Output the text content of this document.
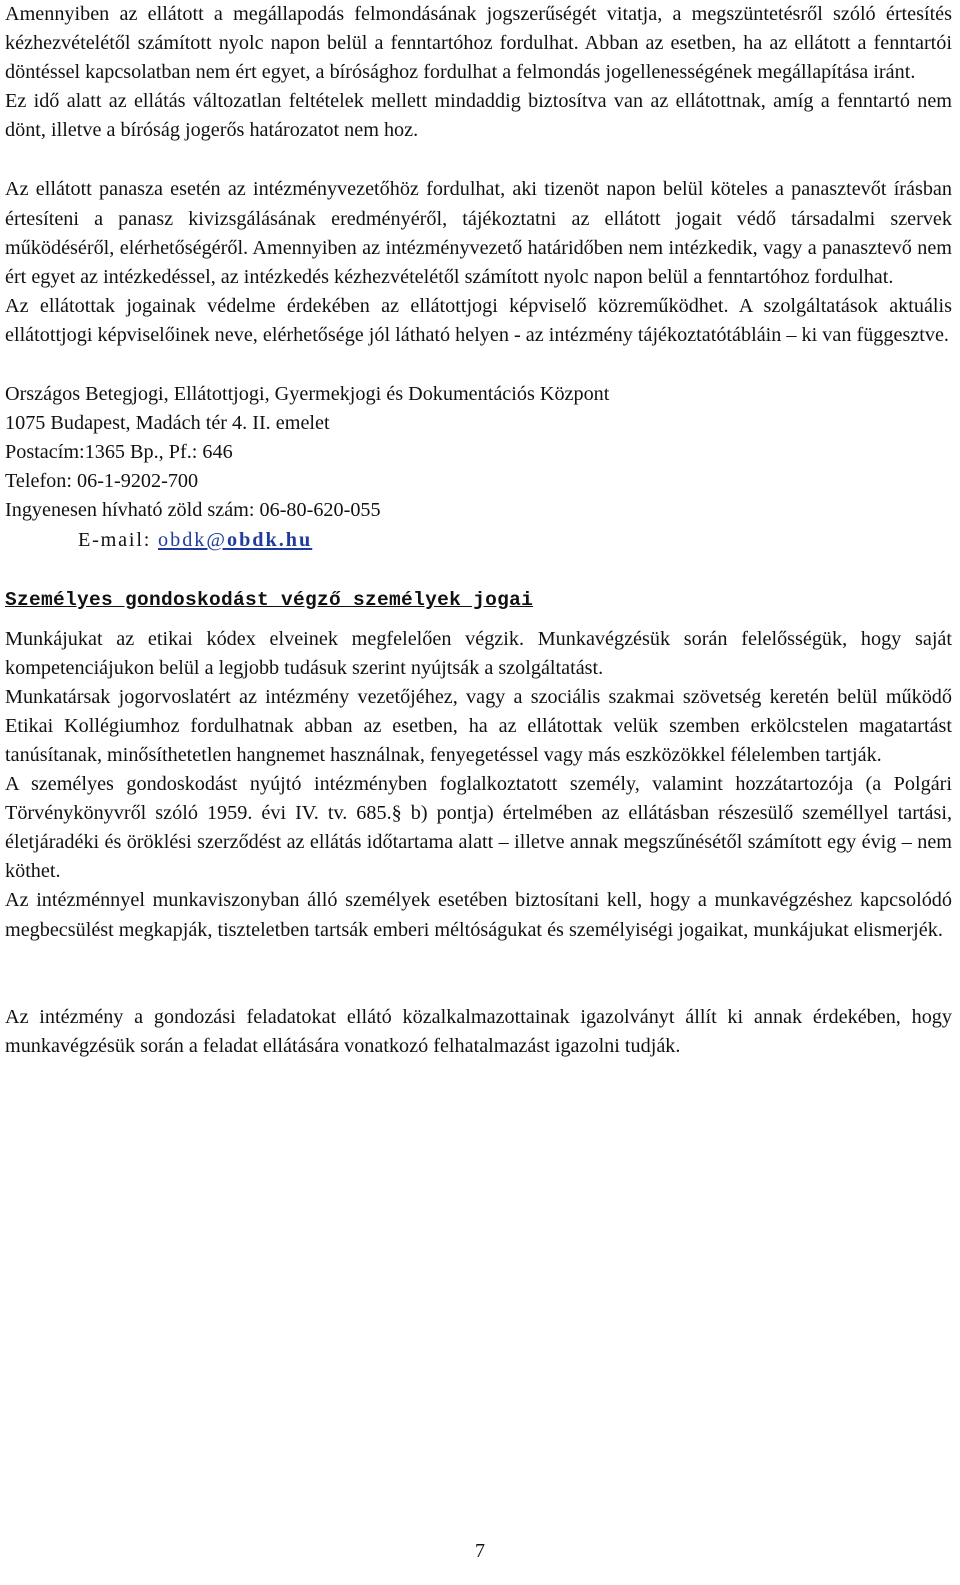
Amennyiben az ellátott a megállapodás felmondásának jogszerűségét vitatja, a megszüntetésről szóló értesítés kézhezvételétől számított nyolc napon belül a fenntartóhoz fordulhat. Abban az esetben, ha az ellátott a fenntartói döntéssel kapcsolatban nem ért egyet, a bírósághoz fordulhat a felmondás jogellenességének megállapítása iránt.

Ez idő alatt az ellátás változatlan feltételek mellett mindaddig biztosítva van az ellátottnak, amíg a fenntartó nem dönt, illetve a bíróság jogerős határozatot nem hoz.

Az ellátott panasza esetén az intézményvezetőhöz fordulhat, aki tizenöt napon belül köteles a panasztevőt írásban értesíteni a panasz kivizsgálásának eredményéről, tájékoztatni az ellátott jogait védő társadalmi szervek működéséről, elérhetőségéről. Amennyiben az intézményvezető határidőben nem intézkedik, vagy a panasztevő nem ért egyet az intézkedéssel, az intézkedés kézhezvételétől számított nyolc napon belül a fenntartóhoz fordulhat.

Az ellátottak jogainak védelme érdekében az ellátottjogi képviselő közreműködhet. A szolgáltatások aktuális ellátottjogi képviselőinek neve, elérhetősége jól látható helyen - az intézmény tájékoztatótábláin – ki van függesztve.

Országos Betegjogi, Ellátottjogi, Gyermekjogi és Dokumentációs Központ

1075 Budapest, Madách tér 4. II. emelet

Postacím:1365 Bp., Pf.: 646

Telefon: 06-1-9202-700

Ingyenesen hívható zöld szám: 06-80-620-055

E-mail: obdk@obdk.hu

Személyes gondoskodást végző személyek jogai

Munkájukat az etikai kódex elveinek megfelelően végzik. Munkavégzésük során felelősségük, hogy saját kompetenciájukon belül a legjobb tudásuk szerint nyújtsák a szolgáltatást.

Munkatársak jogorvoslatért az intézmény vezetőjéhez, vagy a szociális szakmai szövetség keretén belül működő Etikai Kollégiumhoz fordulhatnak abban az esetben, ha az ellátottak velük szemben erkölcstelen magatartást tanúsítanak, minősíthetetlen hangnemet használnak, fenyegetéssel vagy más eszközökkel félelemben tartják.

A személyes gondoskodást nyújtó intézményben foglalkoztatott személy, valamint hozzátartozója (a Polgári Törvénykönyvről szóló 1959. évi IV. tv. 685.§ b) pontja) értelmében az ellátásban részesülő személlyel tartási, életjáradéki és öröklési szerződést az ellátás időtartama alatt – illetve annak megszűnésétől számított egy évig – nem köthet.

Az intézménnyel munkaviszonyban álló személyek esetében biztosítani kell, hogy a munkavégzéshez kapcsolódó megbecsülést megkapják, tiszteletben tartsák emberi méltóságukat és személyiségi jogaikat, munkájukat elismerjék.

Az intézmény a gondozási feladatokat ellátó közalkalmazottainak igazolványt állít ki annak érdekében, hogy munkavégzésük során a feladat ellátására vonatkozó felhatalmazást igazolni tudják.

7
